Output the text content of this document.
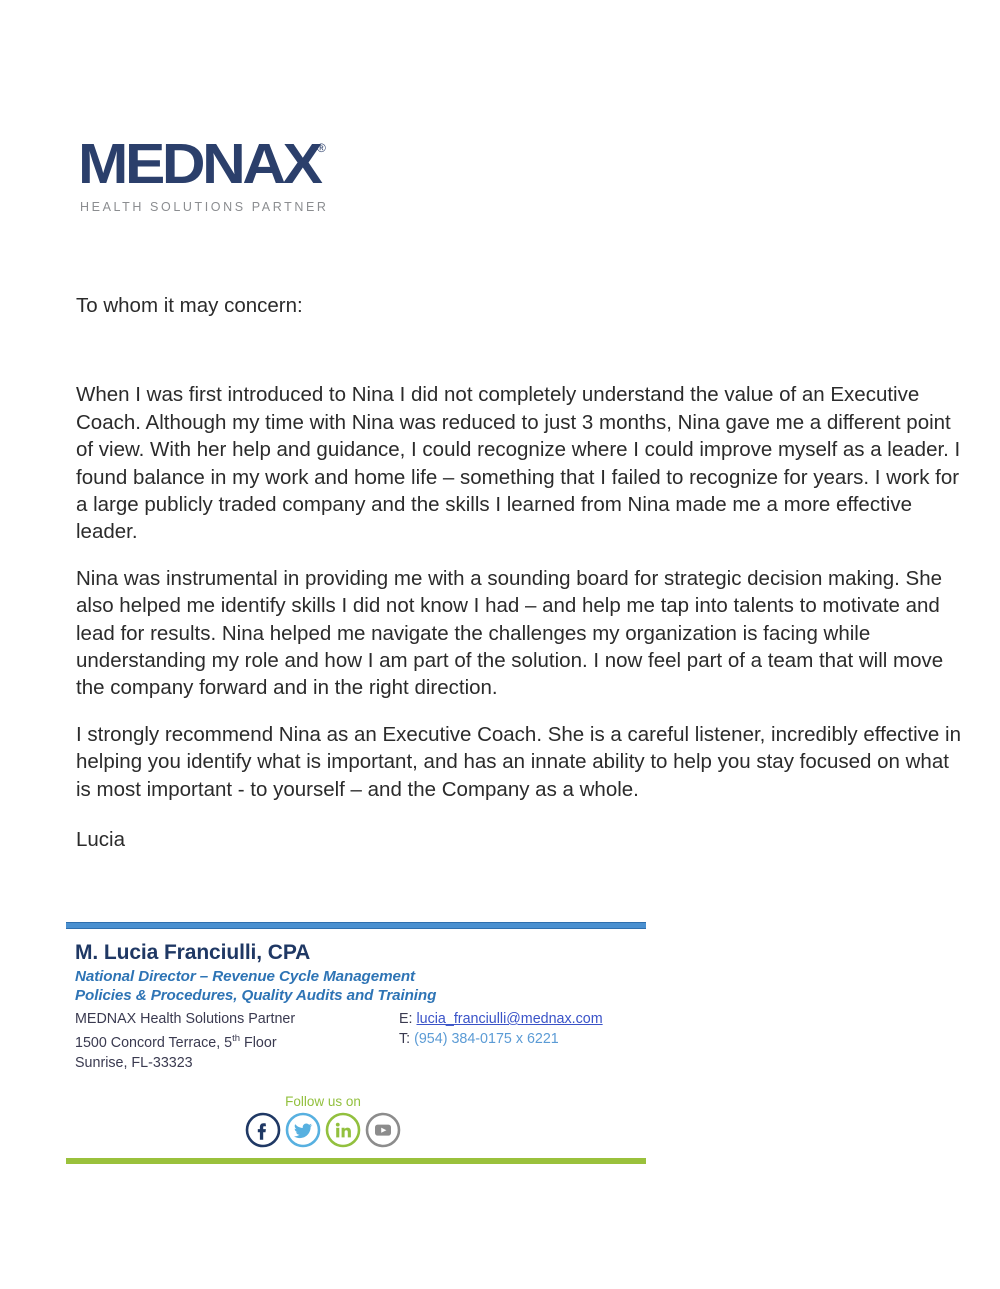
MEDNAX
®
HEALTH SOLUTIONS PARTNER

To whom it may concern:

When I was first introduced to Nina I did not completely understand the value of an Executive Coach. Although my time with Nina was reduced to just 3 months, Nina gave me a different point of view. With her help and guidance, I could recognize where I could improve myself as a leader. I found balance in my work and home life – something that I failed to recognize for years. I work for a large publicly traded company and the skills I learned from Nina made me a more effective leader.

Nina was instrumental in providing me with a sounding board for strategic decision making. She also helped me identify skills I did not know I had – and help me tap into talents to motivate and lead for results. Nina helped me navigate the challenges my organization is facing while understanding my role and how I am part of the solution. I now feel part of a team that will move the company forward and in the right direction.

I strongly recommend Nina as an Executive Coach. She is a careful listener, incredibly effective in helping you identify what is important, and has an innate ability to help you stay focused on what is most important - to yourself – and the Company as a whole.

Lucia

M. Lucia Franciulli, CPA
National Director – Revenue Cycle Management
Policies & Procedures, Quality Audits and Training
MEDNAX Health Solutions Partner
1500 Concord Terrace, 5th Floor
Sunrise, FL-33323

E: lucia_franciulli@mednax.com
T: (954) 384-0175 x 6221
Follow us on
